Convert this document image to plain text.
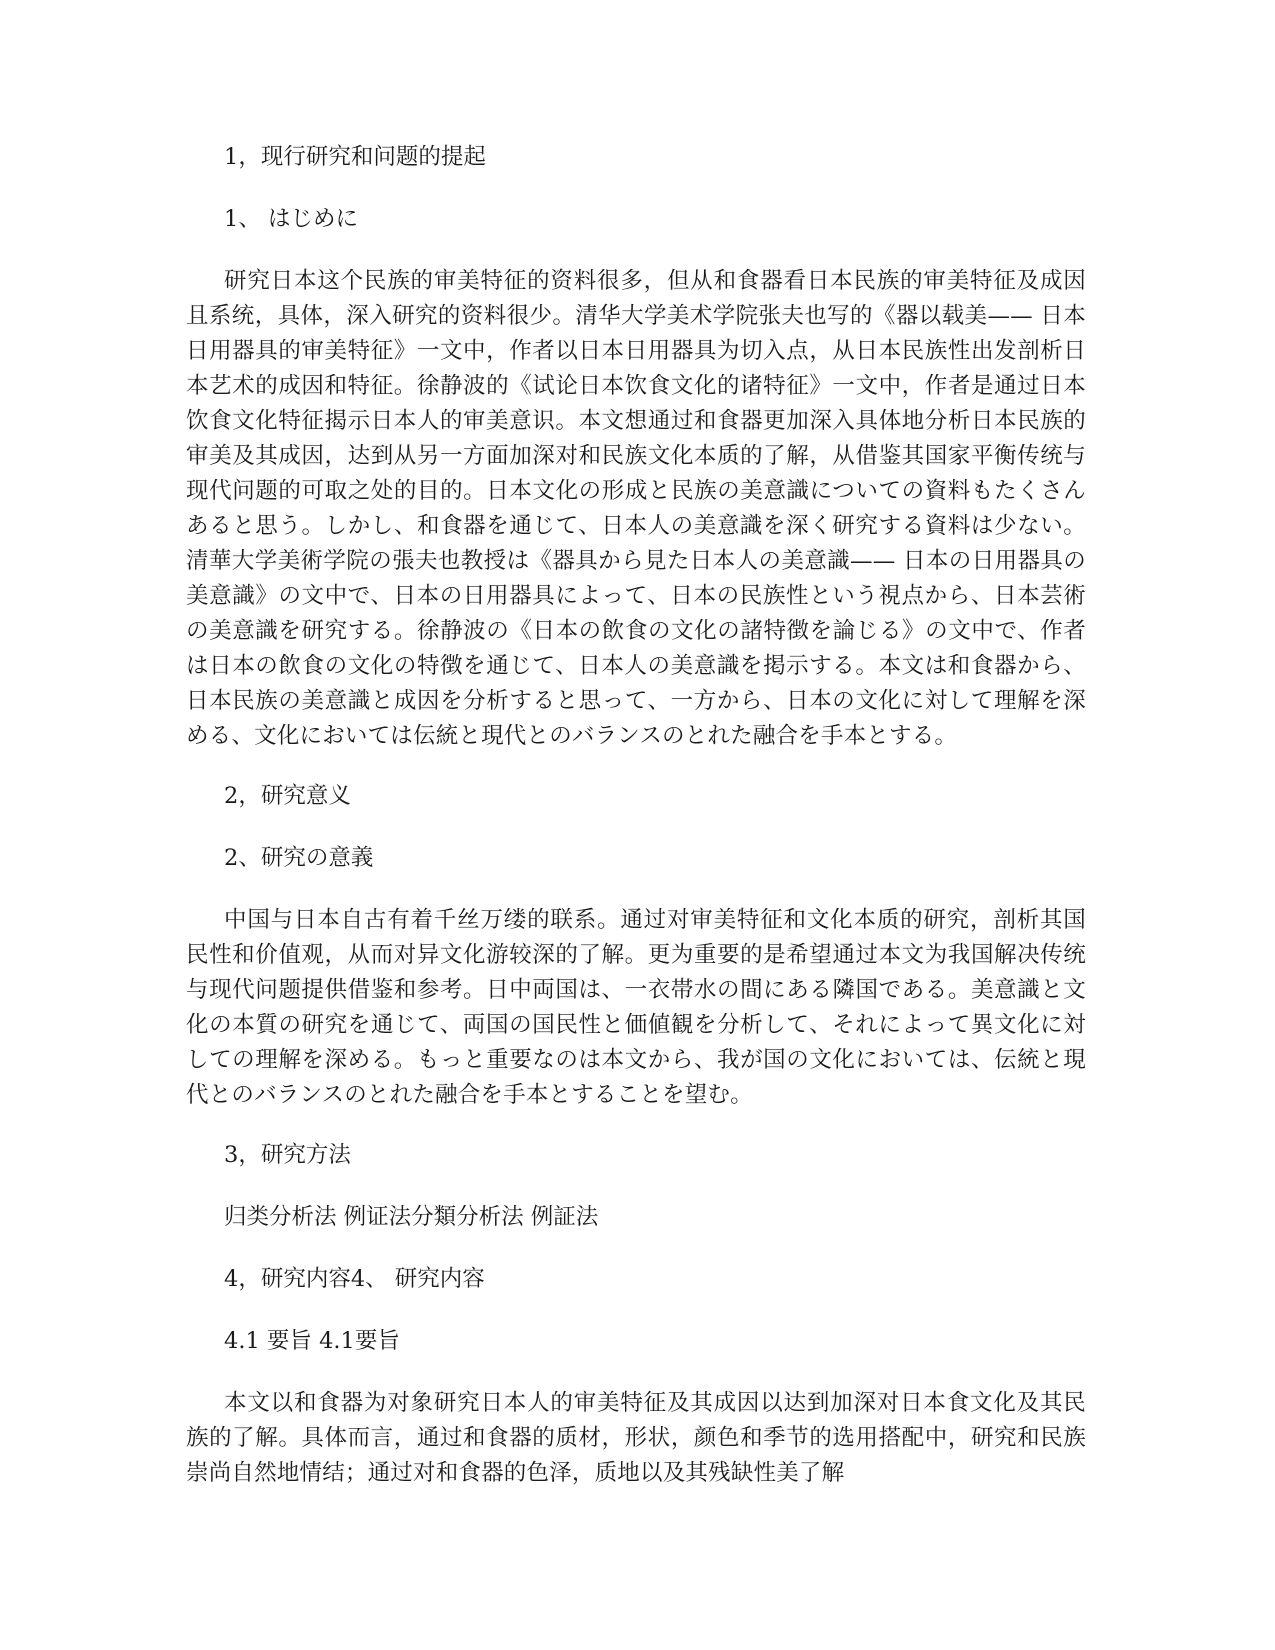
1，现行研究和问题的提起
1、 はじめに

研究日本这个民族的审美特征的资料很多，但从和食器看日本民族的审美特征及成因且系统，具体，深入研究的资料很少。清华大学美术学院张夫也写的《器以载美—— 日本日用器具的审美特征》一文中，作者以日本日用器具为切入点，从日本民族性出发剖析日本艺术的成因和特征。徐静波的《试论日本饮食文化的诸特征》一文中，作者是通过日本饮食文化特征揭示日本人的审美意识。本文想通过和食器更加深入具体地分析日本民族的审美及其成因，达到从另一方面加深对和民族文化本质的了解，从借鉴其国家平衡传统与现代问题的可取之处的目的。日本文化の形成と民族の美意識についての資料もたくさんあると思う。しかし、和食器を通じて、日本人の美意識を深く研究する資料は少ない。清華大学美術学院の張夫也教授は《器具から見た日本人の美意識—— 日本の日用器具の美意識》の文中で、日本の日用器具によって、日本の民族性という視点から、日本芸術の美意識を研究する。徐静波の《日本の飲食の文化の諸特徴を論じる》の文中で、作者は日本の飲食の文化の特徴を通じて、日本人の美意識を掲示する。本文は和食器から、日本民族の美意識と成因を分析すると思って、一方から、日本の文化に対して理解を深める、文化においては伝統と現代とのバランスのとれた融合を手本とする。

2，研究意义
2、研究の意義

中国与日本自古有着千丝万缕的联系。通过对审美特征和文化本质的研究，剖析其国民性和价值观，从而对异文化游较深的了解。更为重要的是希望通过本文为我国解决传统与现代问题提供借鉴和参考。日中両国は、一衣帯水の間にある隣国である。美意識と文化の本質の研究を通じて、両国の国民性と価値観を分析して、それによって異文化に対しての理解を深める。もっと重要なのは本文から、我が国の文化においては、伝統と現代とのバランスのとれた融合を手本とすることを望む。

3，研究方法
归类分析法 例证法分類分析法 例証法
4，研究内容4、 研究内容
4.1 要旨 4.1要旨

本文以和食器为对象研究日本人的审美特征及其成因以达到加深对日本食文化及其民族的了解。具体而言，通过和食器的质材，形状，颜色和季节的选用搭配中，研究和民族崇尚自然地情结；通过对和食器的色泽，质地以及其残缺性美了解
